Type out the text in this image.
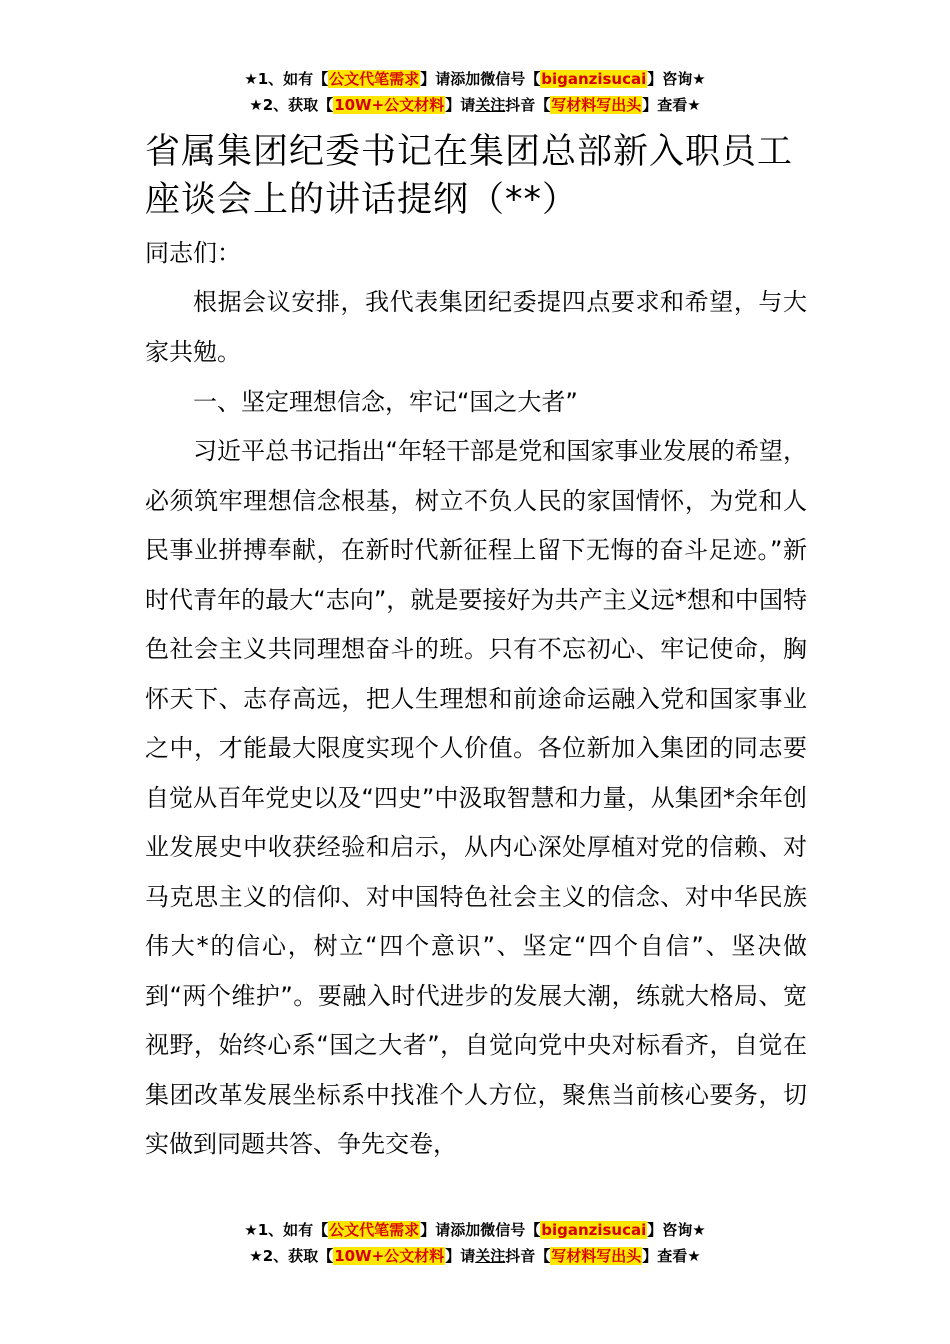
★1、如有【公文代笔需求】请添加微信号【biganzisucai】咨询★
★2、获取【10W+公文材料】请关注抖音【写材料写出头】查看★
省属集团纪委书记在集团总部新入职员工座谈会上的讲话提纲（**）

同志们：

根据会议安排，我代表集团纪委提四点要求和希望，与大家共勉。

一、坚定理想信念，牢记“国之大者”

习近平总书记指出“年轻干部是党和国家事业发展的希望，必须筑牢理想信念根基，树立不负人民的家国情怀，为党和人民事业拼搏奉献，在新时代新征程上留下无悔的奋斗足迹。”新时代青年的最大“志向”，就是要接好为共产主义远*想和中国特色社会主义共同理想奋斗的班。只有不忘初心、牢记使命，胸怀天下、志存高远，把人生理想和前途命运融入党和国家事业之中，才能最大限度实现个人价值。各位新加入集团的同志要自觉从百年党史以及“四史”中汲取智慧和力量，从集团*余年创业发展史中收获经验和启示，从内心深处厚植对党的信赖、对马克思主义的信仰、对中国特色社会主义的信念、对中华民族伟大*的信心，树立“四个意识”、坚定“四个自信”、坚决做到“两个维护”。要融入时代进步的发展大潮，练就大格局、宽视野，始终心系“国之大者”，自觉向党中央对标看齐，自觉在集团改革发展坐标系中找准个人方位，聚焦当前核心要务，切实做到同题共答、争先交卷，

★1、如有【公文代笔需求】请添加微信号【biganzisucai】咨询★
★2、获取【10W+公文材料】请关注抖音【写材料写出头】查看★
